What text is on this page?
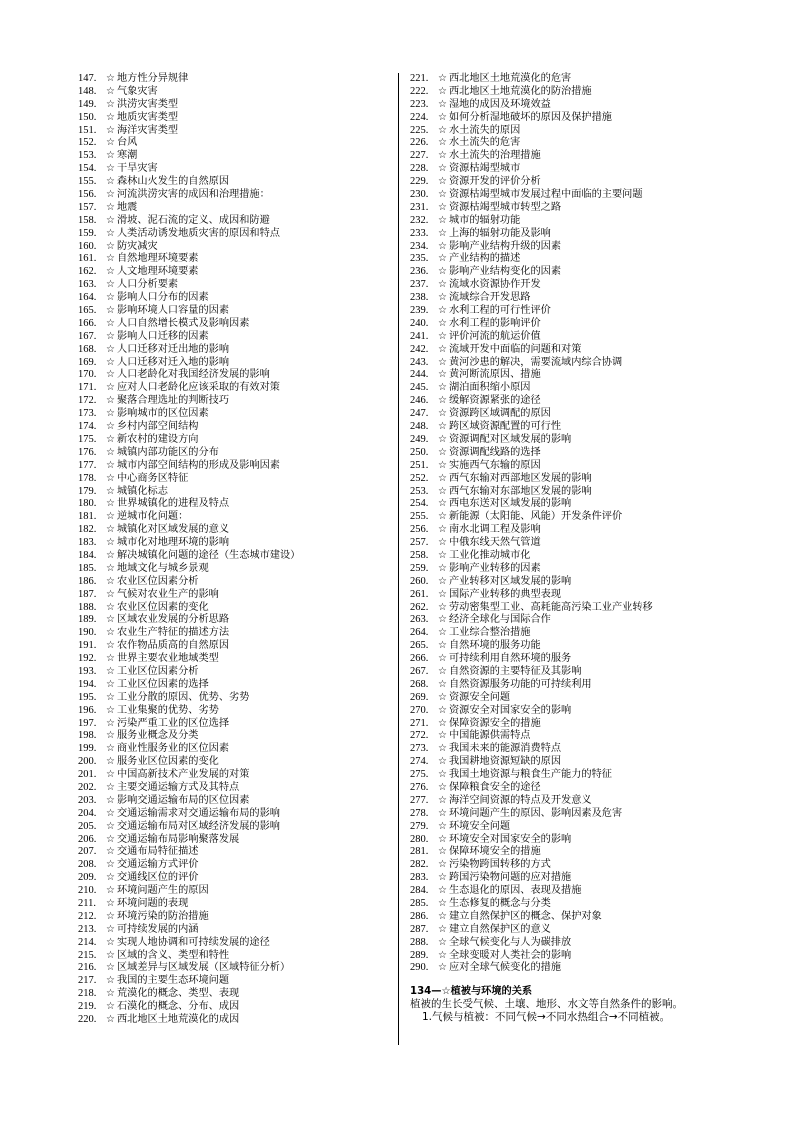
147. ☆ 地方性分异规律
148. ☆ 气象灾害
149. ☆ 洪涝灾害类型
150. ☆ 地质灾害类型
151. ☆ 海洋灾害类型
152. ☆ 台风
153. ☆ 寒潮
154. ☆ 干旱灾害
155. ☆ 森林山火发生的自然原因
156. ☆ 河流洪涝灾害的成因和治理措施：
157. ☆ 地震
158. ☆ 滑坡、泥石流的定义、成因和防避
159. ☆ 人类活动诱发地质灾害的原因和特点
160. ☆ 防灾减灾
161. ☆ 自然地理环境要素
162. ☆ 人文地理环境要素
163. ☆ 人口分析要素
164. ☆ 影响人口分布的因素
165. ☆ 影响环境人口容量的因素
166. ☆ 人口自然增长模式及影响因素
167. ☆ 影响人口迁移的因素
168. ☆ 人口迁移对迁出地的影响
169. ☆ 人口迁移对迁入地的影响
170. ☆ 人口老龄化对我国经济发展的影响
171. ☆ 应对人口老龄化应该采取的有效对策
172. ☆ 聚落合理选址的判断技巧
173. ☆ 影响城市的区位因素
174. ☆ 乡村内部空间结构
175. ☆ 新农村的建设方向
176. ☆ 城镇内部功能区的分布
177. ☆ 城市内部空间结构的形成及影响因素
178. ☆ 中心商务区特征
179. ☆ 城镇化标志
180. ☆ 世界城镇化的进程及特点
181. ☆ 逆城市化问题：
182. ☆ 城镇化对区域发展的意义
183. ☆ 城市化对地理环境的影响
184. ☆ 解决城镇化问题的途径（生态城市建设）
185. ☆ 地域文化与城乡景观
186. ☆ 农业区位因素分析
187. ☆ 气候对农业生产的影响
188. ☆ 农业区位因素的变化
189. ☆ 区域农业发展的分析思路
190. ☆ 农业生产特征的描述方法
191. ☆ 农作物品质高的自然原因
192. ☆ 世界主要农业地域类型
193. ☆ 工业区位因素分析
194. ☆ 工业区位因素的选择
195. ☆ 工业分散的原因、优势、劣势
196. ☆ 工业集聚的优势、劣势
197. ☆ 污染严重工业的区位选择
198. ☆ 服务业概念及分类
199. ☆ 商业性服务业的区位因素
200. ☆ 服务业区位因素的变化
201. ☆ 中国高新技术产业发展的对策
202. ☆ 主要交通运输方式及其特点
203. ☆ 影响交通运输布局的区位因素
204. ☆ 交通运输需求对交通运输布局的影响
205. ☆ 交通运输布局对区域经济发展的影响
206. ☆ 交通运输布局影响聚落发展
207. ☆ 交通布局特征描述
208. ☆ 交通运输方式评价
209. ☆ 交通线区位的评价
210. ☆ 环境问题产生的原因
211.	☆ 环境问题的表现
212. ☆ 环境污染的防治措施
213. ☆ 可持续发展的内涵
214. ☆ 实现人地协调和可持续发展的途径
215. ☆ 区域的含义、类型和特性
216. ☆ 区域差异与区域发展（区域特征分析）
217. ☆ 我国的主要生态环境问题
218. ☆ 荒漠化的概念、类型、表现
219. ☆ 石漠化的概念、分布、成因
220. ☆ 西北地区土地荒漠化的成因
221. ☆ 西北地区土地荒漠化的危害
222. ☆ 西北地区土地荒漠化的防治措施
223. ☆ 湿地的成因及环境效益
224. ☆ 如何分析湿地破坏的原因及保护措施
225. ☆ 水土流失的原因
226. ☆ 水土流失的危害
227. ☆ 水土流失的治理措施
228. ☆ 资源枯竭型城市
229. ☆ 资源开发的评价分析
230. ☆ 资源枯竭型城市发展过程中面临的主要问题
231. ☆ 资源枯竭型城市转型之路
232. ☆ 城市的辐射功能
233. ☆ 上海的辐射功能及影响
234. ☆ 影响产业结构升级的因素
235. ☆ 产业结构的描述
236. ☆ 影响产业结构变化的因素
237. ☆ 流域水资源协作开发
238. ☆ 流域综合开发思路
239. ☆ 水利工程的可行性评价
240. ☆ 水利工程的影响评价
241. ☆ 评价河流的航运价值
242. ☆ 流域开发中面临的问题和对策
243. ☆ 黄河沙患的解决，需要流域内综合协调
244. ☆ 黄河断流原因、措施
245. ☆ 湖泊面积缩小原因
246. ☆ 缓解资源紧张的途径
247. ☆ 资源跨区域调配的原因
248. ☆ 跨区域资源配置的可行性
249. ☆ 资源调配对区域发展的影响
250. ☆ 资源调配线路的选择
251. ☆ 实施西气东输的原因
252. ☆ 西气东输对西部地区发展的影响
253. ☆ 西气东输对东部地区发展的影响
254. ☆ 西电东送对区域发展的影响
255. ☆ 新能源（太阳能、风能）开发条件评价
256. ☆ 南水北调工程及影响
257. ☆ 中俄东线天然气管道
258. ☆ 工业化推动城市化
259. ☆ 影响产业转移的因素
260. ☆ 产业转移对区域发展的影响
261. ☆ 国际产业转移的典型表现
262. ☆ 劳动密集型工业、高耗能高污染工业产业转移
263. ☆ 经济全球化与国际合作
264. ☆ 工业综合整治措施
265. ☆ 自然环境的服务功能
266. ☆ 可持续利用自然环境的服务
267. ☆ 自然资源的主要特征及其影响
268. ☆ 自然资源服务功能的可持续利用
269. ☆ 资源安全问题
270. ☆ 资源安全对国家安全的影响
271. ☆ 保障资源安全的措施
272. ☆ 中国能源供需特点
273. ☆ 我国未来的能源消费特点
274. ☆ 我国耕地资源短缺的原因
275. ☆ 我国土地资源与粮食生产能力的特征
276. ☆ 保障粮食安全的途径
277. ☆ 海洋空间资源的特点及开发意义
278. ☆ 环境问题产生的原因、影响因素及危害
279. ☆ 环境安全问题
280. ☆ 环境安全对国家安全的影响
281. ☆ 保障环境安全的措施
282. ☆ 污染物跨国转移的方式
283. ☆ 跨国污染物问题的应对措施
284. ☆ 生态退化的原因、表现及措施
285. ☆ 生态修复的概念与分类
286. ☆ 建立自然保护区的概念、保护对象
287. ☆ 建立自然保护区的意义
288. ☆ 全球气候变化与人为碳排放
289. ☆ 全球变暖对人类社会的影响
290. ☆ 应对全球气候变化的措施
134—☆植被与环境的关系
植被的生长受气候、土壤、地形、水文等自然条件的影响。
1.气候与植被：不同气候→不同水热组合→不同植被。
